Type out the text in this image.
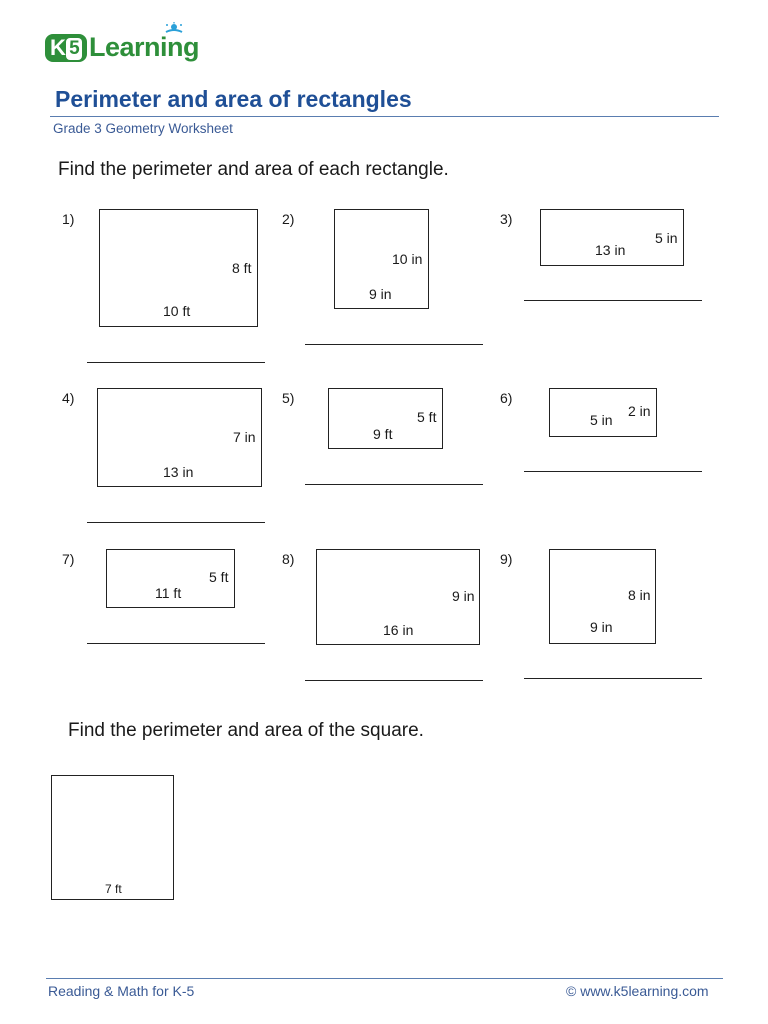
K 5 Learning
Perimeter and area of rectangles
Grade 3 Geometry Worksheet
Find the perimeter and area of each rectangle.
1)
8 ft
10 ft
2)
10 in
9 in
3)
5 in
13 in
4)
7 in
13 in
5)
5 ft
9 ft
6)
2 in
5 in
7)
5 ft
11 ft
8)
9 in
16 in
9)
8 in
9 in
Find the perimeter and area of the square.
7 ft
Reading & Math for K-5	© www.k5learning.com
